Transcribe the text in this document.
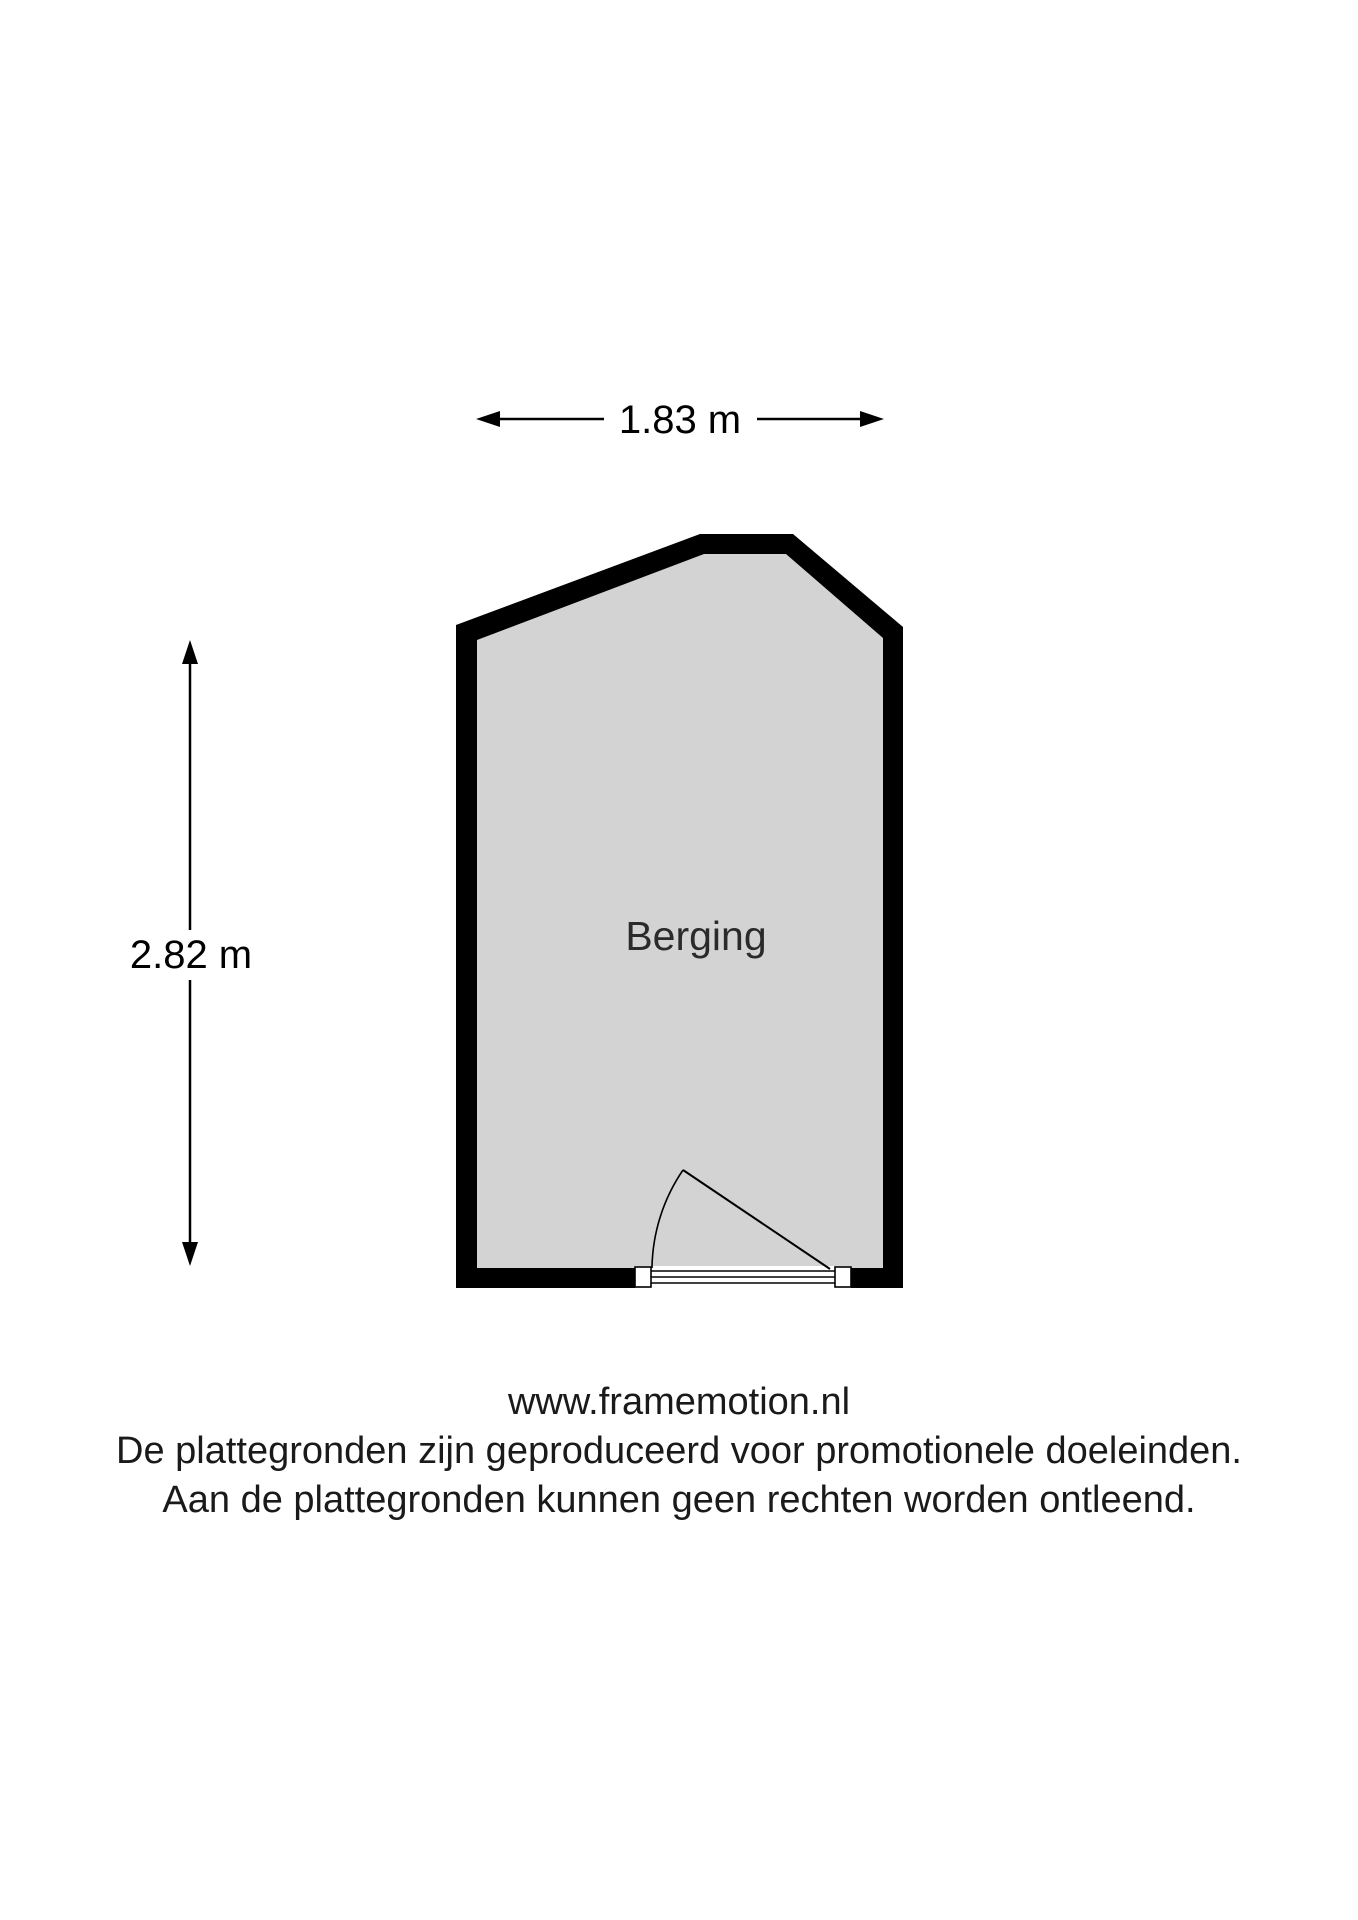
1.83 m
2.82 m	Berging
www.framemotion.nl
De plattegronden zijn geproduceerd voor promotionele doeleinden.
Aan de plattegronden kunnen geen rechten worden ontleend.
